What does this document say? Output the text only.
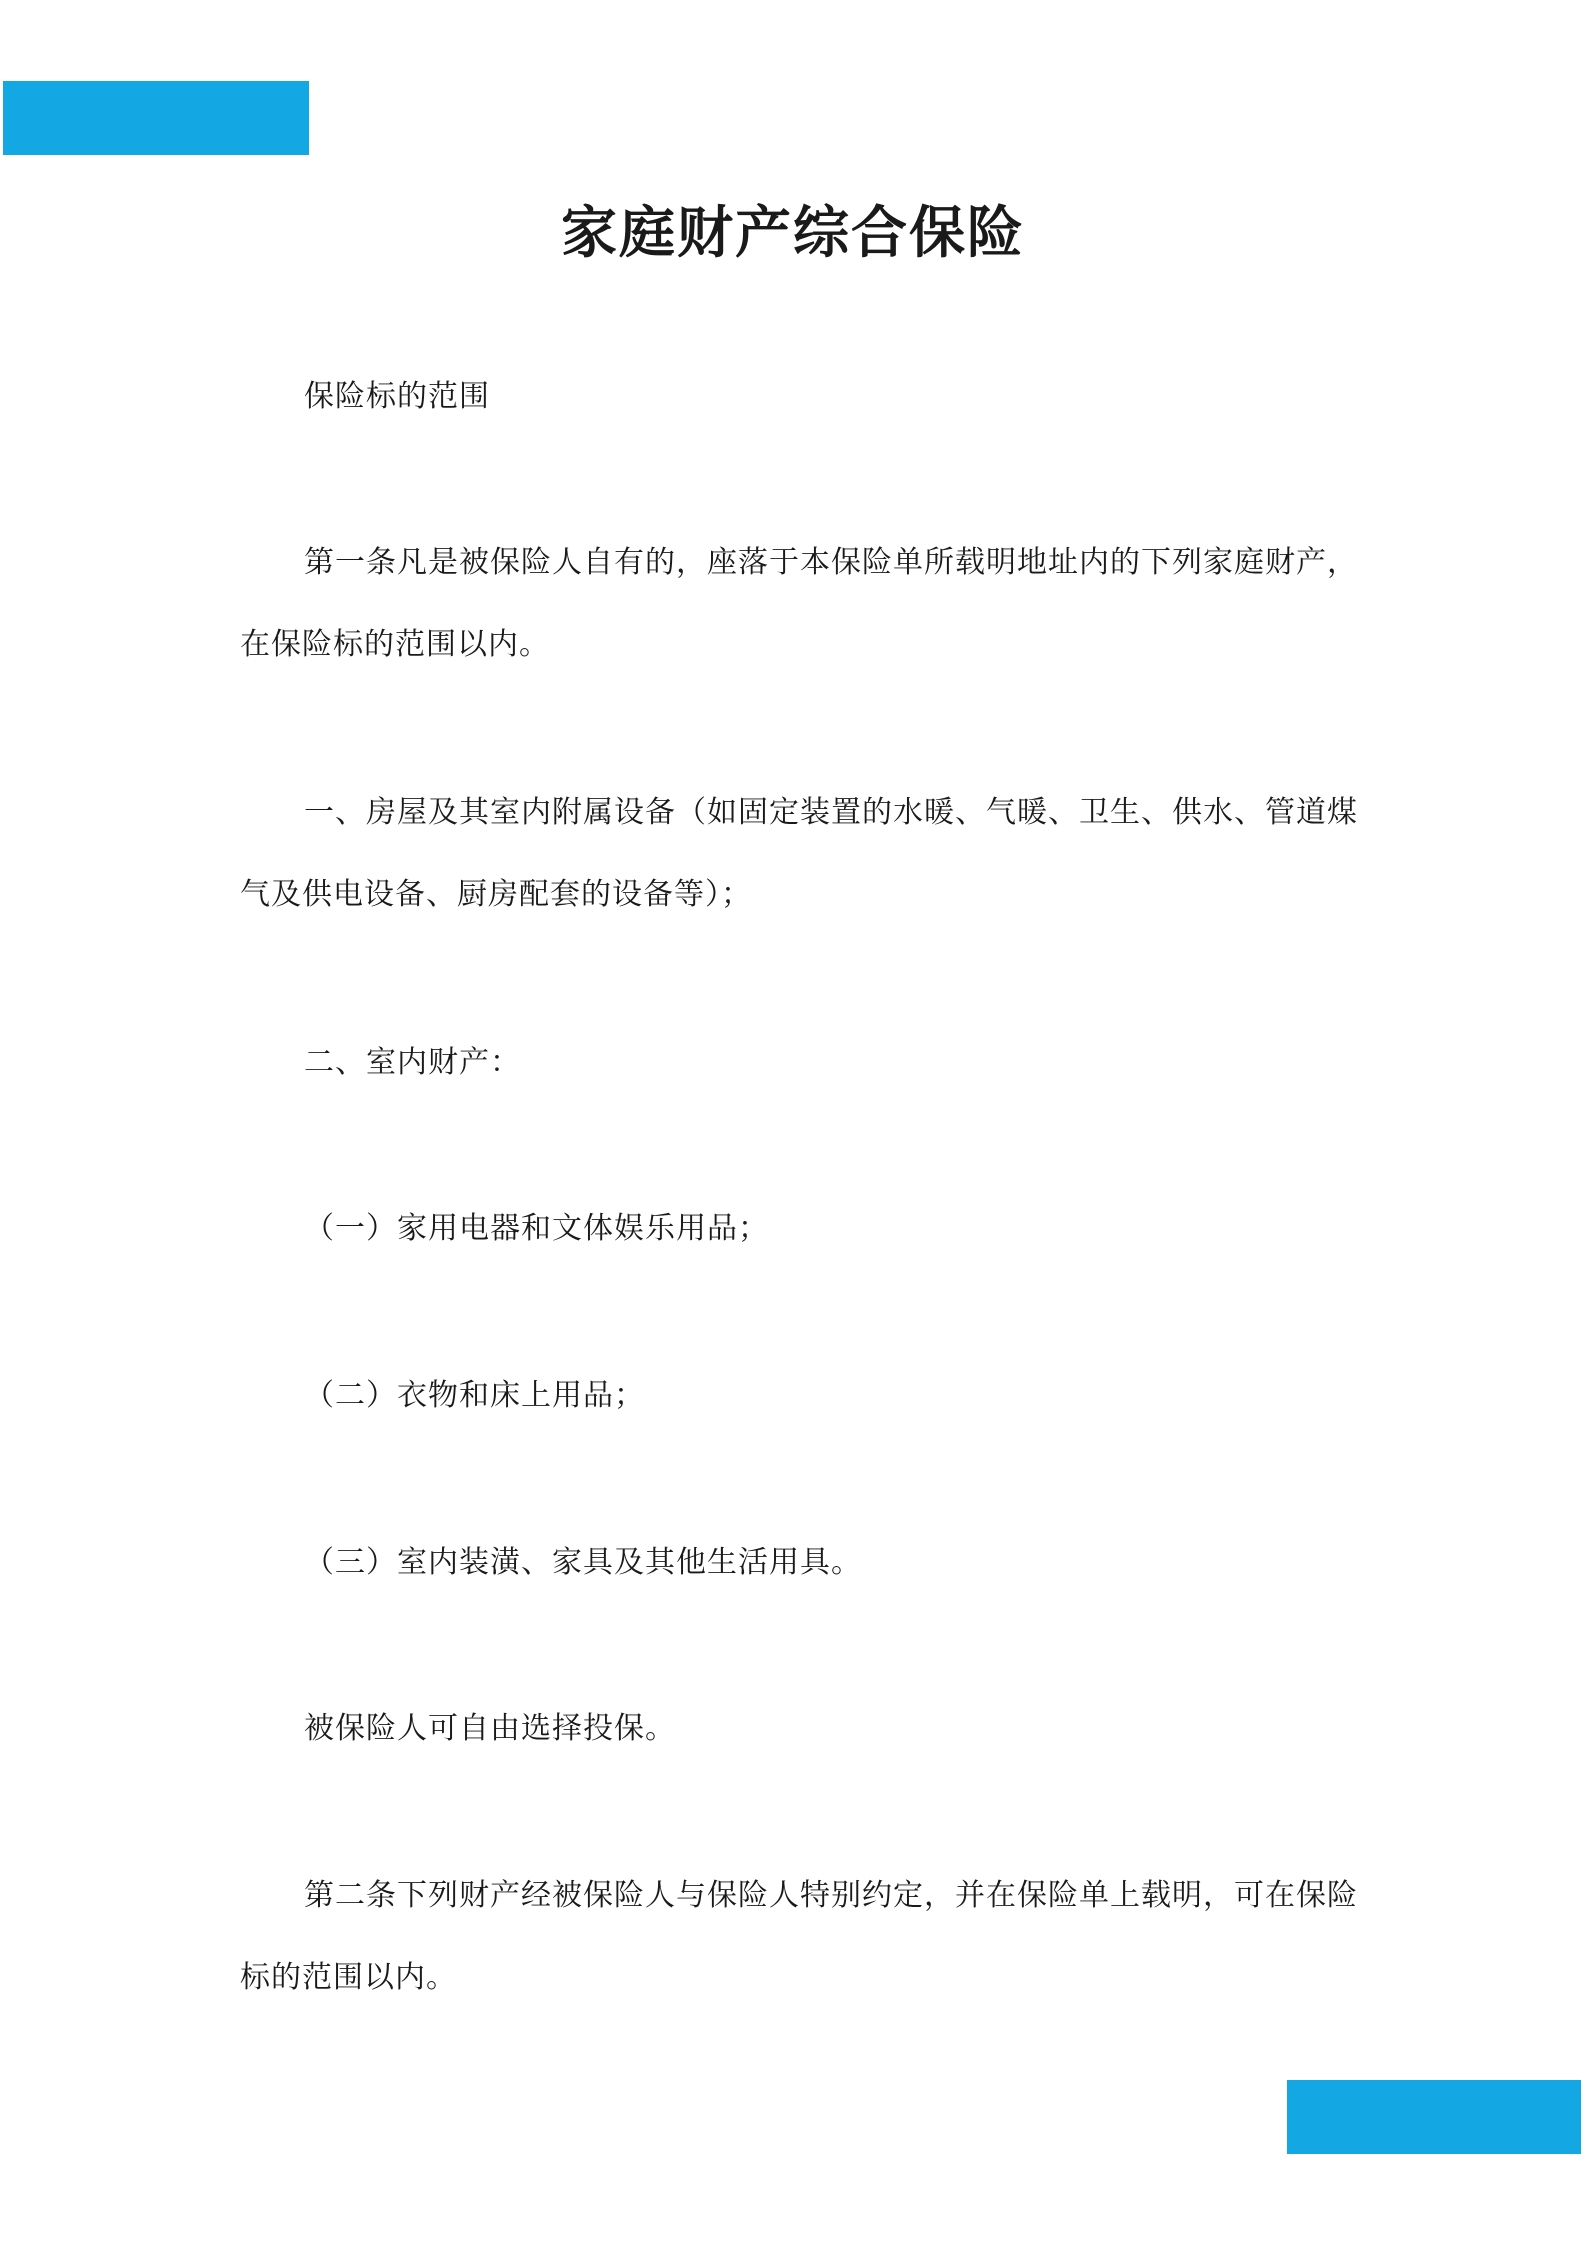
家庭财产综合保险

保险标的范围

第一条凡是被保险人自有的，座落于本保险单所载明地址内的下列家庭财产，在保险标的范围以内。

一、房屋及其室内附属设备（如固定装置的水暖、气暖、卫生、供水、管道煤气及供电设备、厨房配套的设备等）；

二、室内财产：

（一）家用电器和文体娱乐用品；

（二）衣物和床上用品；

（三）室内装潢、家具及其他生活用具。

被保险人可自由选择投保。

第二条下列财产经被保险人与保险人特别约定，并在保险单上载明，可在保险标的范围以内。
